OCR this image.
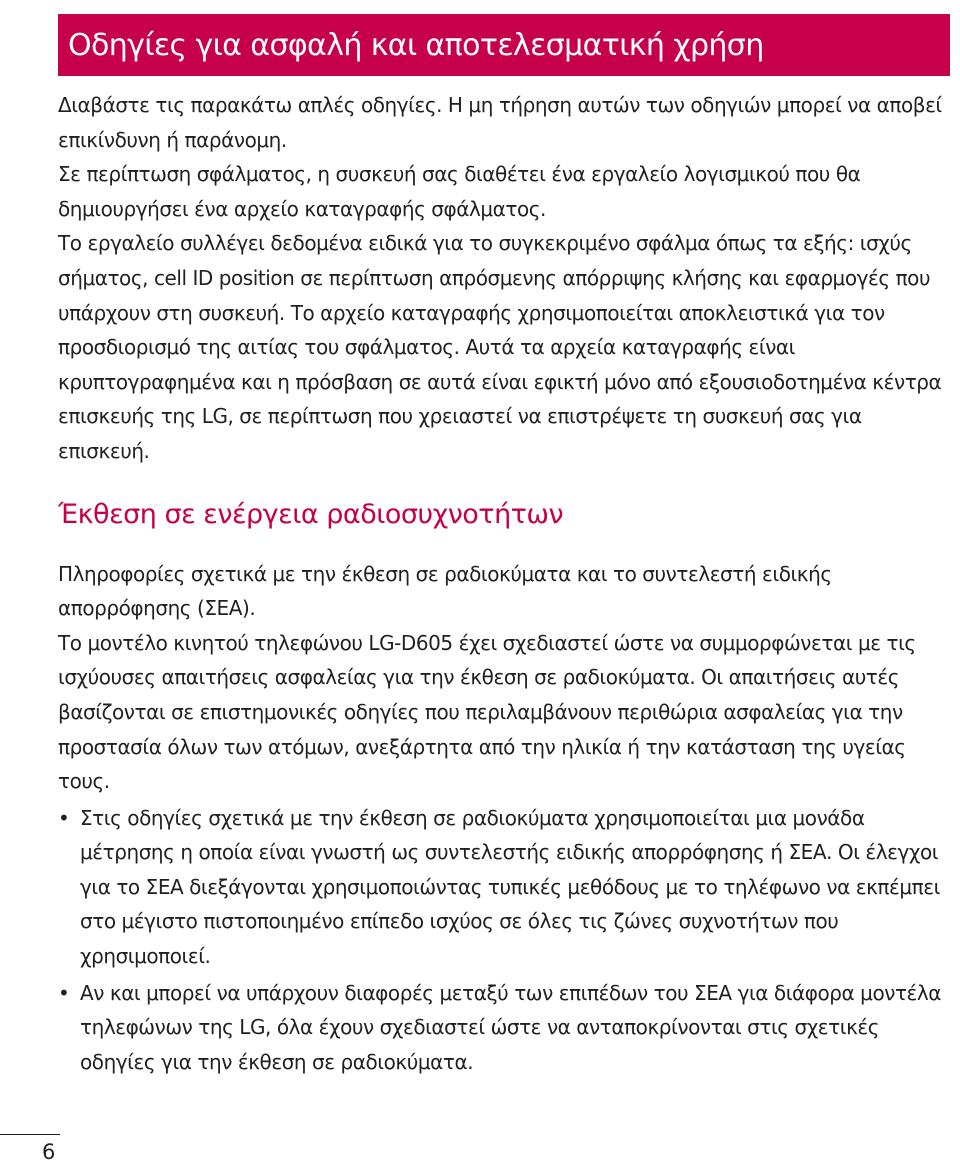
Οδηγίες για ασφαλή και αποτελεσματική χρήση

Διαβάστε τις παρακάτω απλές οδηγίες. Η μη τήρηση αυτών των οδηγιών μπορεί να αποβεί επικίνδυνη ή παράνομη.

Σε περίπτωση σφάλματος, η συσκευή σας διαθέτει ένα εργαλείο λογισμικού που θα δημιουργήσει ένα αρχείο καταγραφής σφάλματος.

Το εργαλείο συλλέγει δεδομένα ειδικά για το συγκεκριμένο σφάλμα όπως τα εξής: ισχύς σήματος, cell ID position σε περίπτωση απρόσμενης απόρριψης κλήσης και εφαρμογές που υπάρχουν στη συσκευή. Το αρχείο καταγραφής χρησιμοποιείται αποκλειστικά για τον προσδιορισμό της αιτίας του σφάλματος. Αυτά τα αρχεία καταγραφής είναι κρυπτογραφημένα και η πρόσβαση σε αυτά είναι εφικτή μόνο από εξουσιοδοτημένα κέντρα επισκευής της LG, σε περίπτωση που χρειαστεί να επιστρέψετε τη συσκευή σας για επισκευή.

Έκθεση σε ενέργεια ραδιοσυχνοτήτων

Πληροφορίες σχετικά με την έκθεση σε ραδιοκύματα και το συντελεστή ειδικής απορρόφησης (ΣΕΑ).

Το μοντέλο κινητού τηλεφώνου LG-D605 έχει σχεδιαστεί ώστε να συμμορφώνεται με τις ισχύουσες απαιτήσεις ασφαλείας για την έκθεση σε ραδιοκύματα. Οι απαιτήσεις αυτές βασίζονται σε επιστημονικές οδηγίες που περιλαμβάνουν περιθώρια ασφαλείας για την προστασία όλων των ατόμων, ανεξάρτητα από την ηλικία ή την κατάσταση της υγείας τους.

• Στις οδηγίες σχετικά με την έκθεση σε ραδιοκύματα χρησιμοποιείται μια μονάδα μέτρησης η οποία είναι γνωστή ως συντελεστής ειδικής απορρόφησης ή ΣΕΑ. Οι έλεγχοι για το ΣΕΑ διεξάγονται χρησιμοποιώντας τυπικές μεθόδους με το τηλέφωνο να εκπέμπει στο μέγιστο πιστοποιημένο επίπεδο ισχύος σε όλες τις ζώνες συχνοτήτων που χρησιμοποιεί.
• Αν και μπορεί να υπάρχουν διαφορές μεταξύ των επιπέδων του ΣΕΑ για διάφορα μοντέλα τηλεφώνων της LG, όλα έχουν σχεδιαστεί ώστε να ανταποκρίνονται στις σχετικές οδηγίες για την έκθεση σε ραδιοκύματα.
6
